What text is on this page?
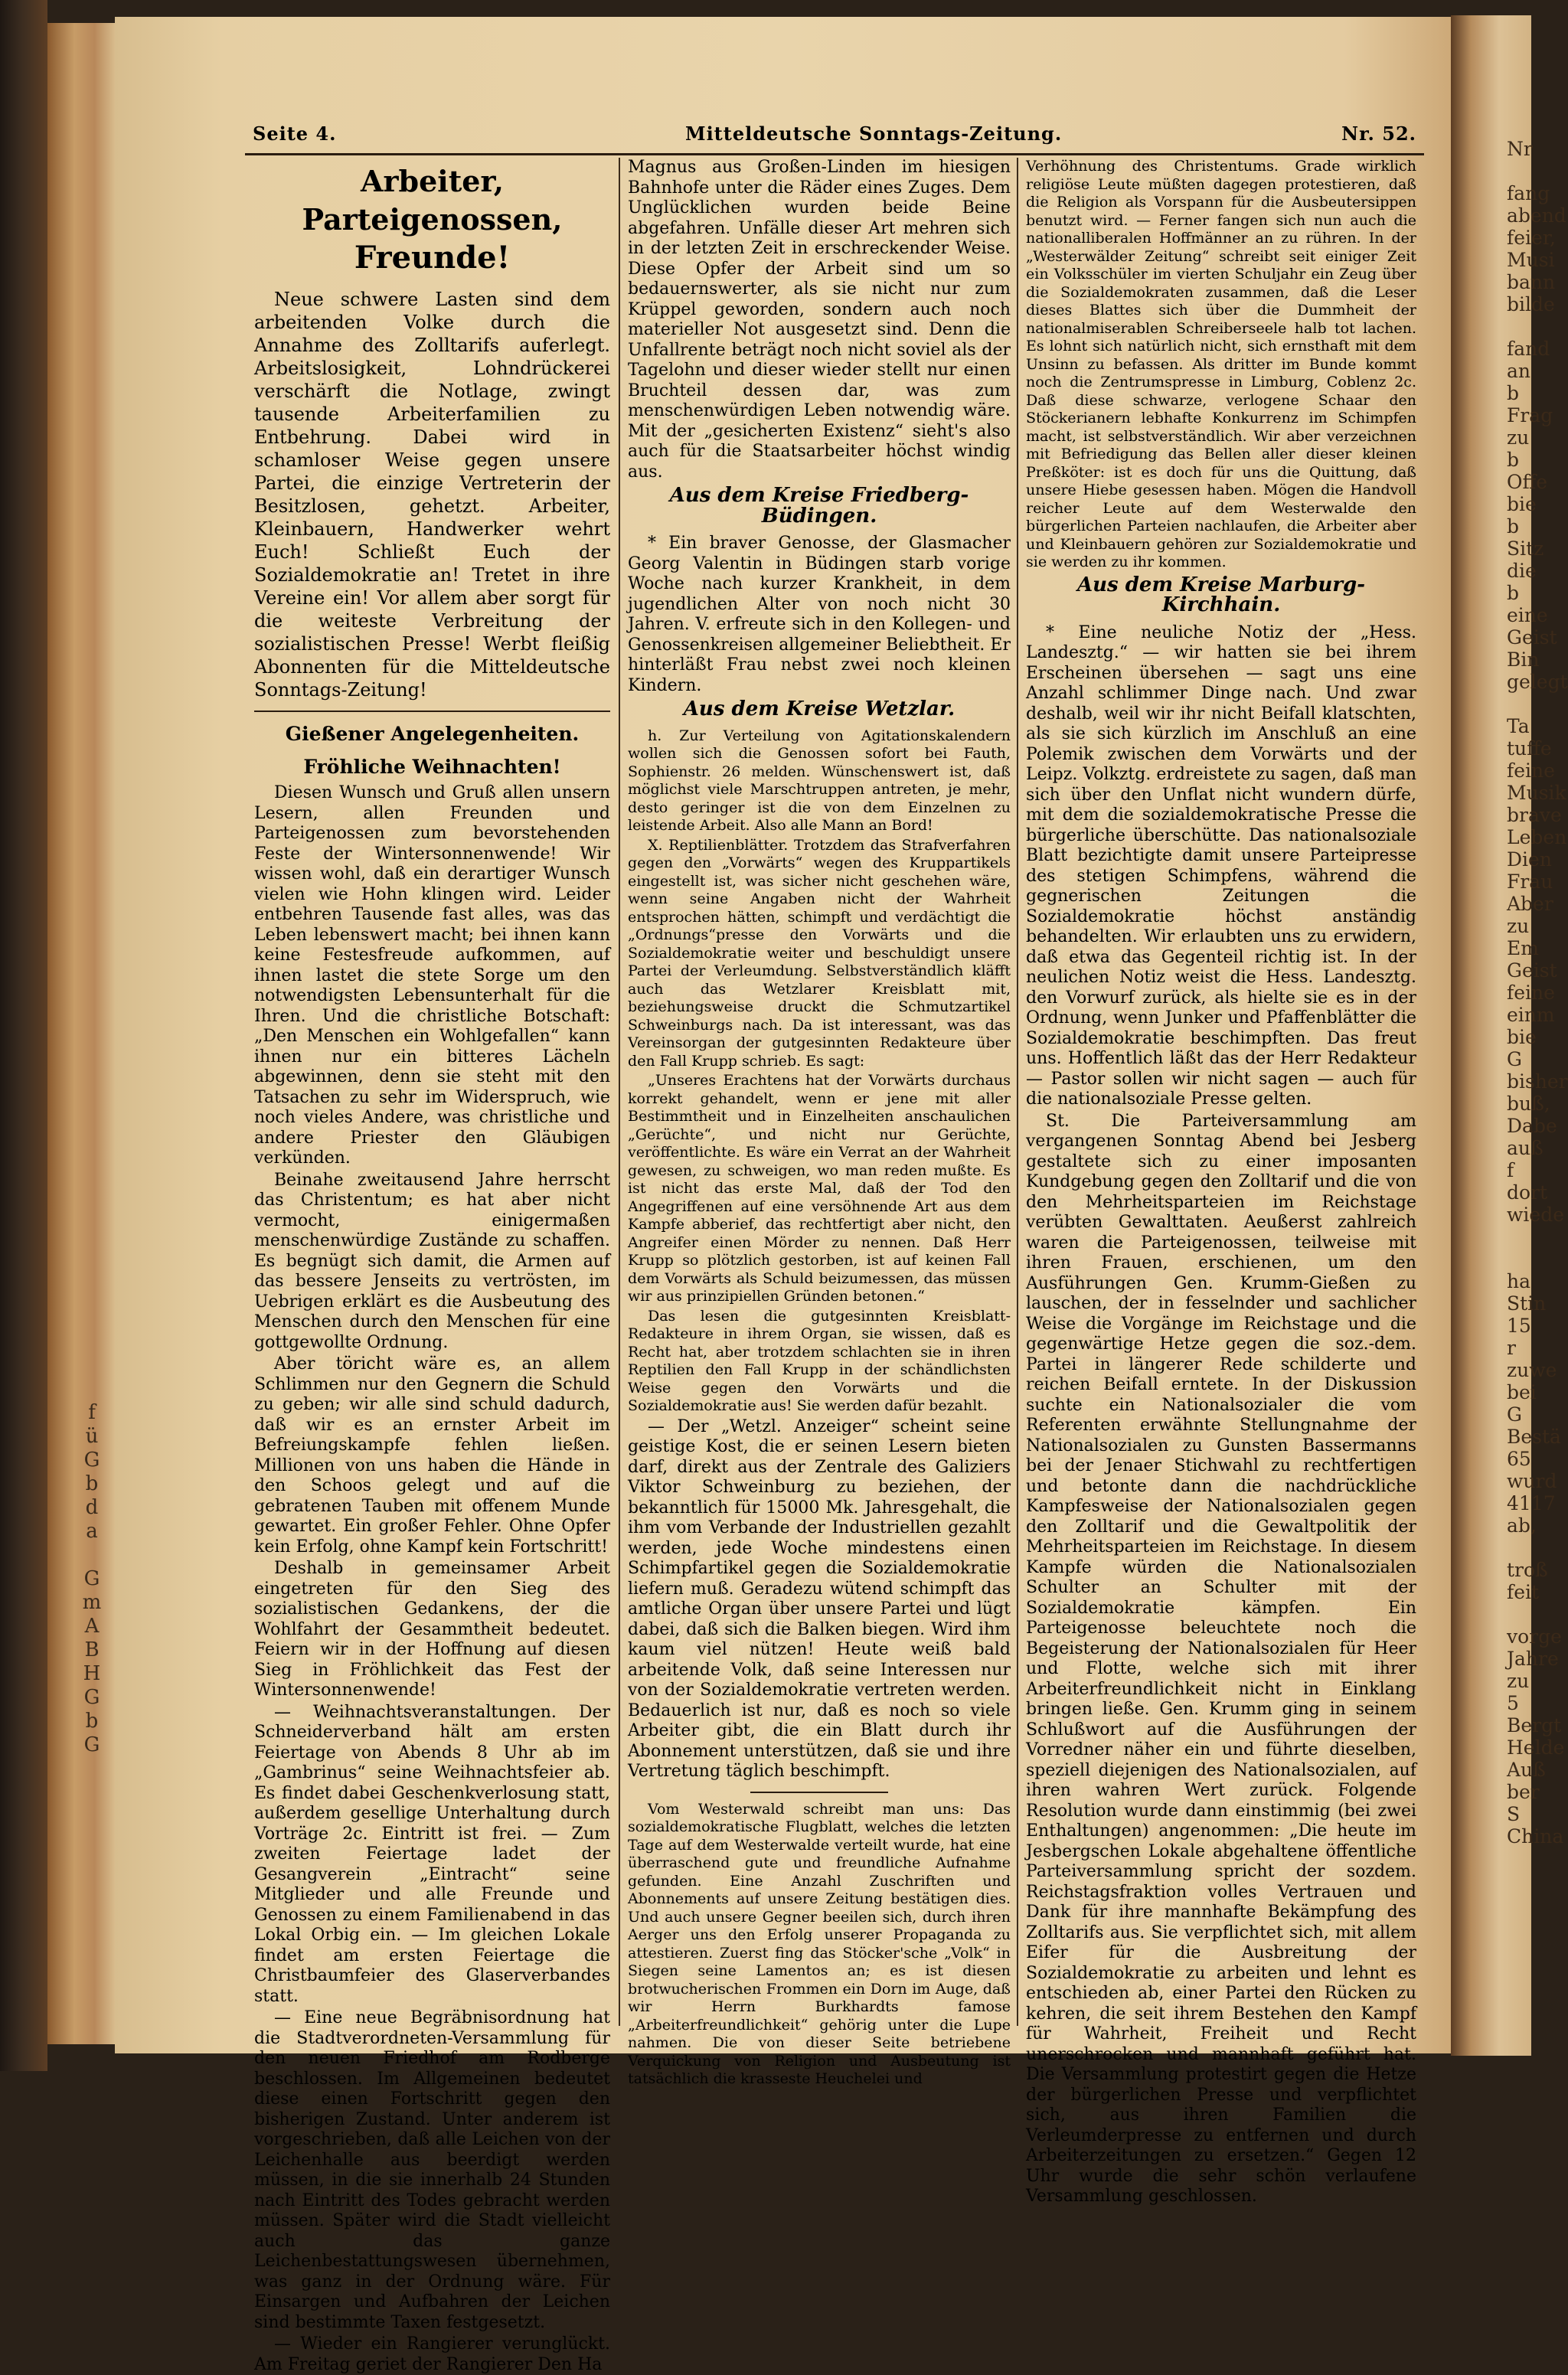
Seite 4.	Mitteldeutsche Sonntags-Zeitung.	Nr. 52.
Arbeiter, Parteigenossen,
Freunde!

Neue schwere Lasten sind dem arbeitenden Volke durch die Annahme des Zolltarifs auferlegt. Arbeitslosigkeit, Lohndrückerei verschärft die Notlage, zwingt tausende Arbeiterfamilien zu Entbehrung. Dabei wird in schamloser Weise gegen unsere Partei, die einzige Vertreterin der Besitzlosen, gehetzt. Arbeiter, Kleinbauern, Handwerker wehrt Euch! Schließt Euch der Sozialdemokratie an! Tretet in ihre Vereine ein! Vor allem aber sorgt für die weiteste Verbreitung der sozialistischen Presse! Werbt fleißig Abonnenten für die Mitteldeutsche Sonntags-Zeitung!

Gießener Angelegenheiten.
Fröhliche Weihnachten!

Diesen Wunsch und Gruß allen unsern Lesern, allen Freunden und Parteigenossen zum bevorstehenden Feste der Wintersonnenwende! Wir wissen wohl, daß ein derartiger Wunsch vielen wie Hohn klingen wird. Leider entbehren Tausende fast alles, was das Leben lebenswert macht; bei ihnen kann keine Festesfreude aufkommen, auf ihnen lastet die stete Sorge um den notwendigsten Lebensunterhalt für die Ihren. Und die christliche Botschaft: „Den Menschen ein Wohlgefallen“ kann ihnen nur ein bitteres Lächeln abgewinnen, denn sie steht mit den Tatsachen zu sehr im Widerspruch, wie noch vieles Andere, was christliche und andere Priester den Gläubigen verkünden.

Beinahe zweitausend Jahre herrscht das Christentum; es hat aber nicht vermocht, einigermaßen menschenwürdige Zustände zu schaffen. Es begnügt sich damit, die Armen auf das bessere Jenseits zu vertrösten, im Uebrigen erklärt es die Ausbeutung des Menschen durch den Menschen für eine gottgewollte Ordnung.

Aber töricht wäre es, an allem Schlimmen nur den Gegnern die Schuld zu geben; wir alle sind schuld dadurch, daß wir es an ernster Arbeit im Befreiungskampfe fehlen ließen. Millionen von uns haben die Hände in den Schoos gelegt und auf die gebratenen Tauben mit offenem Munde gewartet. Ein großer Fehler. Ohne Opfer kein Erfolg, ohne Kampf kein Fortschritt!

Deshalb in gemeinsamer Arbeit eingetreten für den Sieg des sozialistischen Gedankens, der die Wohlfahrt der Gesammtheit bedeutet. Feiern wir in der Hoffnung auf diesen Sieg in Fröhlichkeit das Fest der Wintersonnenwende!

— Weihnachtsveranstaltungen. Der Schneiderverband hält am ersten Feiertage von Abends 8 Uhr ab im „Gambrinus“ seine Weihnachtsfeier ab. Es findet dabei Geschenkverlosung statt, außerdem gesellige Unterhaltung durch Vorträge 2c. Eintritt ist frei. — Zum zweiten Feiertage ladet der Gesangverein „Eintracht“ seine Mitglieder und alle Freunde und Genossen zu einem Familienabend in das Lokal Orbig ein. — Im gleichen Lokale findet am ersten Feiertage die Christbaumfeier des Glaserverbandes statt.

— Eine neue Begräbnisordnung hat die Stadtverordneten-Versammlung für den neuen Friedhof am Rodberge beschlossen. Im Allgemeinen bedeutet diese einen Fortschritt gegen den bisherigen Zustand. Unter anderem ist vorgeschrieben, daß alle Leichen von der Leichenhalle aus beerdigt werden müssen, in die sie innerhalb 24 Stunden nach Eintritt des Todes gebracht werden müssen. Später wird die Stadt vielleicht auch das ganze Leichenbestattungswesen übernehmen, was ganz in der Ordnung wäre. Für Einsargen und Aufbahren der Leichen sind bestimmte Taxen festgesetzt.

— Wieder ein Rangierer verunglückt. Am Freitag geriet der Rangierer Den Ha

Magnus aus Großen-Linden im hiesigen Bahnhofe unter die Räder eines Zuges. Dem Unglücklichen wurden beide Beine abgefahren. Unfälle dieser Art mehren sich in der letzten Zeit in erschreckender Weise. Diese Opfer der Arbeit sind um so bedauernswerter, als sie nicht nur zum Krüppel geworden, sondern auch noch materieller Not ausgesetzt sind. Denn die Unfallrente beträgt noch nicht soviel als der Tagelohn und dieser wieder stellt nur einen Bruchteil dessen dar, was zum menschenwürdigen Leben notwendig wäre. Mit der „gesicherten Existenz“ sieht's also auch für die Staatsarbeiter höchst windig aus.

Aus dem Kreise Friedberg-Büdingen.

* Ein braver Genosse, der Glasmacher Georg Valentin in Büdingen starb vorige Woche nach kurzer Krankheit, in dem jugendlichen Alter von noch nicht 30 Jahren. V. erfreute sich in den Kollegen- und Genossenkreisen allgemeiner Beliebtheit. Er hinterläßt Frau nebst zwei noch kleinen Kindern.

Aus dem Kreise Wetzlar.

h. Zur Verteilung von Agitationskalendern wollen sich die Genossen sofort bei Fauth, Sophienstr. 26 melden. Wünschenswert ist, daß möglichst viele Marschtruppen antreten, je mehr, desto geringer ist die von dem Einzelnen zu leistende Arbeit. Also alle Mann an Bord!

X. Reptilienblätter. Trotzdem das Strafverfahren gegen den „Vorwärts“ wegen des Kruppartikels eingestellt ist, was sicher nicht geschehen wäre, wenn seine Angaben nicht der Wahrheit entsprochen hätten, schimpft und verdächtigt die „Ordnungs“presse den Vorwärts und die Sozialdemokratie weiter und beschuldigt unsere Partei der Verleumdung. Selbstverständlich kläfft auch das Wetzlarer Kreisblatt mit, beziehungsweise druckt die Schmutzartikel Schweinburgs nach. Da ist interessant, was das Vereinsorgan der gutgesinnten Redakteure über den Fall Krupp schrieb. Es sagt:

„Unseres Erachtens hat der Vorwärts durchaus korrekt gehandelt, wenn er jene mit aller Bestimmtheit und in Einzelheiten anschaulichen „Gerüchte“, und nicht nur Gerüchte, veröffentlichte. Es wäre ein Verrat an der Wahrheit gewesen, zu schweigen, wo man reden mußte. Es ist nicht das erste Mal, daß der Tod den Angegriffenen auf eine versöhnende Art aus dem Kampfe abberief, das rechtfertigt aber nicht, den Angreifer einen Mörder zu nennen. Daß Herr Krupp so plötzlich gestorben, ist auf keinen Fall dem Vorwärts als Schuld beizumessen, das müssen wir aus prinzipiellen Gründen betonen.“

Das lesen die gutgesinnten Kreisblatt-Redakteure in ihrem Organ, sie wissen, daß es Recht hat, aber trotzdem schlachten sie in ihren Reptilien den Fall Krupp in der schändlichsten Weise gegen den Vorwärts und die Sozialdemokratie aus! Sie werden dafür bezahlt.

— Der „Wetzl. Anzeiger“ scheint seine geistige Kost, die er seinen Lesern bieten darf, direkt aus der Zentrale des Galiziers Viktor Schweinburg zu beziehen, der bekanntlich für 15000 Mk. Jahresgehalt, die ihm vom Verbande der Industriellen gezahlt werden, jede Woche mindestens einen Schimpfartikel gegen die Sozialdemokratie liefern muß. Geradezu wütend schimpft das amtliche Organ über unsere Partei und lügt dabei, daß sich die Balken biegen. Wird ihm kaum viel nützen! Heute weiß bald arbeitende Volk, daß seine Interessen nur von der Sozialdemokratie vertreten werden. Bedauerlich ist nur, daß es noch so viele Arbeiter gibt, die ein Blatt durch ihr Abonnement unterstützen, daß sie und ihre Vertretung täglich beschimpft.

Vom Westerwald schreibt man uns: Das sozialdemokratische Flugblatt, welches die letzten Tage auf dem Westerwalde verteilt wurde, hat eine überraschend gute und freundliche Aufnahme gefunden. Eine Anzahl Zuschriften und Abonnements auf unsere Zeitung bestätigen dies. Und auch unsere Gegner beeilen sich, durch ihren Aerger uns den Erfolg unserer Propaganda zu attestieren. Zuerst fing das Stöcker'sche „Volk“ in Siegen seine Lamentos an; es ist diesen brotwucherischen Frommen ein Dorn im Auge, daß wir Herrn Burkhardts famose „Arbeiterfreundlichkeit“ gehörig unter die Lupe nahmen. Die von dieser Seite betriebene Verquickung von Religion und Ausbeutung ist tatsächlich die krasseste Heuchelei und

Verhöhnung des Christentums. Grade wirklich religiöse Leute müßten dagegen protestieren, daß die Religion als Vorspann für die Ausbeutersippen benutzt wird. — Ferner fangen sich nun auch die nationalliberalen Hoffmänner an zu rühren. In der „Westerwälder Zeitung“ schreibt seit einiger Zeit ein Volksschüler im vierten Schuljahr ein Zeug über die Sozialdemokraten zusammen, daß die Leser dieses Blattes sich über die Dummheit der nationalmiserablen Schreiberseele halb tot lachen. Es lohnt sich natürlich nicht, sich ernsthaft mit dem Unsinn zu befassen. Als dritter im Bunde kommt noch die Zentrumspresse in Limburg, Coblenz 2c. Daß diese schwarze, verlogene Schaar den Stöckerianern lebhafte Konkurrenz im Schimpfen macht, ist selbstverständlich. Wir aber verzeichnen mit Befriedigung das Bellen aller dieser kleinen Preßköter: ist es doch für uns die Quittung, daß unsere Hiebe gesessen haben. Mögen die Handvoll reicher Leute auf dem Westerwalde den bürgerlichen Parteien nachlaufen, die Arbeiter aber und Kleinbauern gehören zur Sozialdemokratie und sie werden zu ihr kommen.

Aus dem Kreise Marburg-Kirchhain.

* Eine neuliche Notiz der „Hess. Landesztg.“ — wir hatten sie bei ihrem Erscheinen übersehen — sagt uns eine Anzahl schlimmer Dinge nach. Und zwar deshalb, weil wir ihr nicht Beifall klatschten, als sie sich kürzlich im Anschluß an eine Polemik zwischen dem Vorwärts und der Leipz. Volkztg. erdreistete zu sagen, daß man sich über den Unflat nicht wundern dürfe, mit dem die sozialdemokratische Presse die bürgerliche überschütte. Das nationalsoziale Blatt bezichtigte damit unsere Parteipresse des stetigen Schimpfens, während die gegnerischen Zeitungen die Sozialdemokratie höchst anständig behandelten. Wir erlaubten uns zu erwidern, daß etwa das Gegenteil richtig ist. In der neulichen Notiz weist die Hess. Landesztg. den Vorwurf zurück, als hielte sie es in der Ordnung, wenn Junker und Pfaffenblätter die Sozialdemokratie beschimpften. Das freut uns. Hoffentlich läßt das der Herr Redakteur — Pastor sollen wir nicht sagen — auch für die nationalsoziale Presse gelten.

St. Die Parteiversammlung am vergangenen Sonntag Abend bei Jesberg gestaltete sich zu einer imposanten Kundgebung gegen den Zolltarif und die von den Mehrheitsparteien im Reichstage verübten Gewalttaten. Aeußerst zahlreich waren die Parteigenossen, teilweise mit ihren Frauen, erschienen, um den Ausführungen Gen. Krumm-Gießen zu lauschen, der in fesselnder und sachlicher Weise die Vorgänge im Reichstage und die gegenwärtige Hetze gegen die soz.-dem. Partei in längerer Rede schilderte und reichen Beifall erntete. In der Diskussion suchte ein Nationalsozialer die vom Referenten erwähnte Stellungnahme der Nationalsozialen zu Gunsten Bassermanns bei der Jenaer Stichwahl zu rechtfertigen und betonte dann die nachdrückliche Kampfesweise der Nationalsozialen gegen den Zolltarif und die Gewaltpolitik der Mehrheitsparteien im Reichstage. In diesem Kampfe würden die Nationalsozialen Schulter an Schulter mit der Sozialdemokratie kämpfen. Ein Parteigenosse beleuchtete noch die Begeisterung der Nationalsozialen für Heer und Flotte, welche sich mit ihrer Arbeiterfreundlichkeit nicht in Einklang bringen ließe. Gen. Krumm ging in seinem Schlußwort auf die Ausführungen der Vorredner näher ein und führte dieselben, speziell diejenigen des Nationalsozialen, auf ihren wahren Wert zurück. Folgende Resolution wurde dann einstimmig (bei zwei Enthaltungen) angenommen: „Die heute im Jesbergschen Lokale abgehaltene öffentliche Parteiversammlung spricht der sozdem. Reichstagsfraktion volles Vertrauen und Dank für ihre mannhafte Bekämpfung des Zolltarifs aus. Sie verpflichtet sich, mit allem Eifer für die Ausbreitung der Sozialdemokratie zu arbeiten und lehnt es entschieden ab, einer Partei den Rücken zu kehren, die seit ihrem Bestehen den Kampf für Wahrheit, Freiheit und Recht unerschrocken und mannhaft geführt hat. Die Versammlung protestirt gegen die Hetze der bürgerlichen Presse und verpflichtet sich, aus ihren Familien die Verleumderpresse zu entfernen und durch Arbeiterzeitungen zu ersetzen.“ Gegen 12 Uhr wurde die sehr schön verlaufene Versammlung geschlossen.

f
ü
G
b
d
a

G
m
A
B
H
G
b
G
Nr

fang
abend
feier,
Musi
bann
bilde

fand
an b
Frag
zu b
Offe
bie b
Sitz
die b
eine
Geist
Bin
gelegt

Ta
tuffe
feine
Musik
brave
Leben
Dien
Frau
Aber
zu
Em
Geist
feine
einm
bie G
bisher
buß,
Dabe
auß f
dort
wiede

ha
Stin
15 r
zuwe
bei G
Bestä
65
wurd
4117
ab,

troß
feit

vorge
Jahre
zu 5
Bergt
Helde
Auß
ber S
China
